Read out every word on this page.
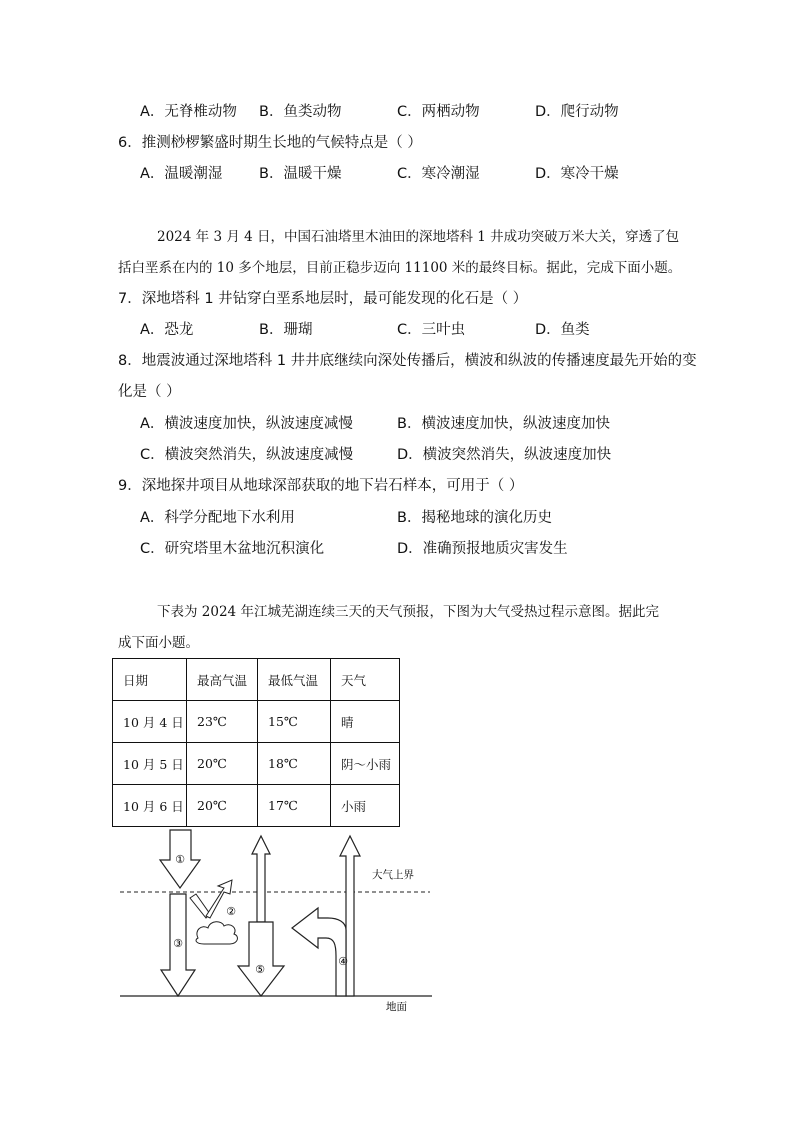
A．无脊椎动物 B．鱼类动物	C．两栖动物	D．爬行动物
6．推测桫椤繁盛时期生长地的气候特点是（ ）
A．温暖潮湿	B．温暖干燥	C．寒冷潮湿	D．寒冷干燥
2024 年 3 月 4 日，中国石油塔里木油田的深地塔科 1 井成功突破万米大关，穿透了包
括白垩系在内的 10 多个地层，目前正稳步迈向 11100 米的最终目标。据此，完成下面小题。
7．深地塔科 1 井钻穿白垩系地层时，最可能发现的化石是（ ）
A．恐龙	B．珊瑚	C．三叶虫	D．鱼类
8．地震波通过深地塔科 1 井井底继续向深处传播后，横波和纵波的传播速度最先开始的变
化是（ ）
A．横波速度加快，纵波速度减慢	B．横波速度加快，纵波速度加快
C．横波突然消失，纵波速度减慢	D．横波突然消失，纵波速度加快
9．深地探井项目从地球深部获取的地下岩石样本，可用于（ ）
A．科学分配地下水利用	B．揭秘地球的演化历史
C．研究塔里木盆地沉积演化	D．准确预报地质灾害发生
下表为 2024 年江城芜湖连续三天的天气预报，下图为大气受热过程示意图。据此完
成下面小题。
日期	最高气温	最低气温	天气
10 月 4 日	23℃	15℃	晴
10 月 5 日	20℃	18℃	阴～小雨
10 月 6 日	20℃	17℃	小雨
①
②
③
④
⑤
大气上界
地面
